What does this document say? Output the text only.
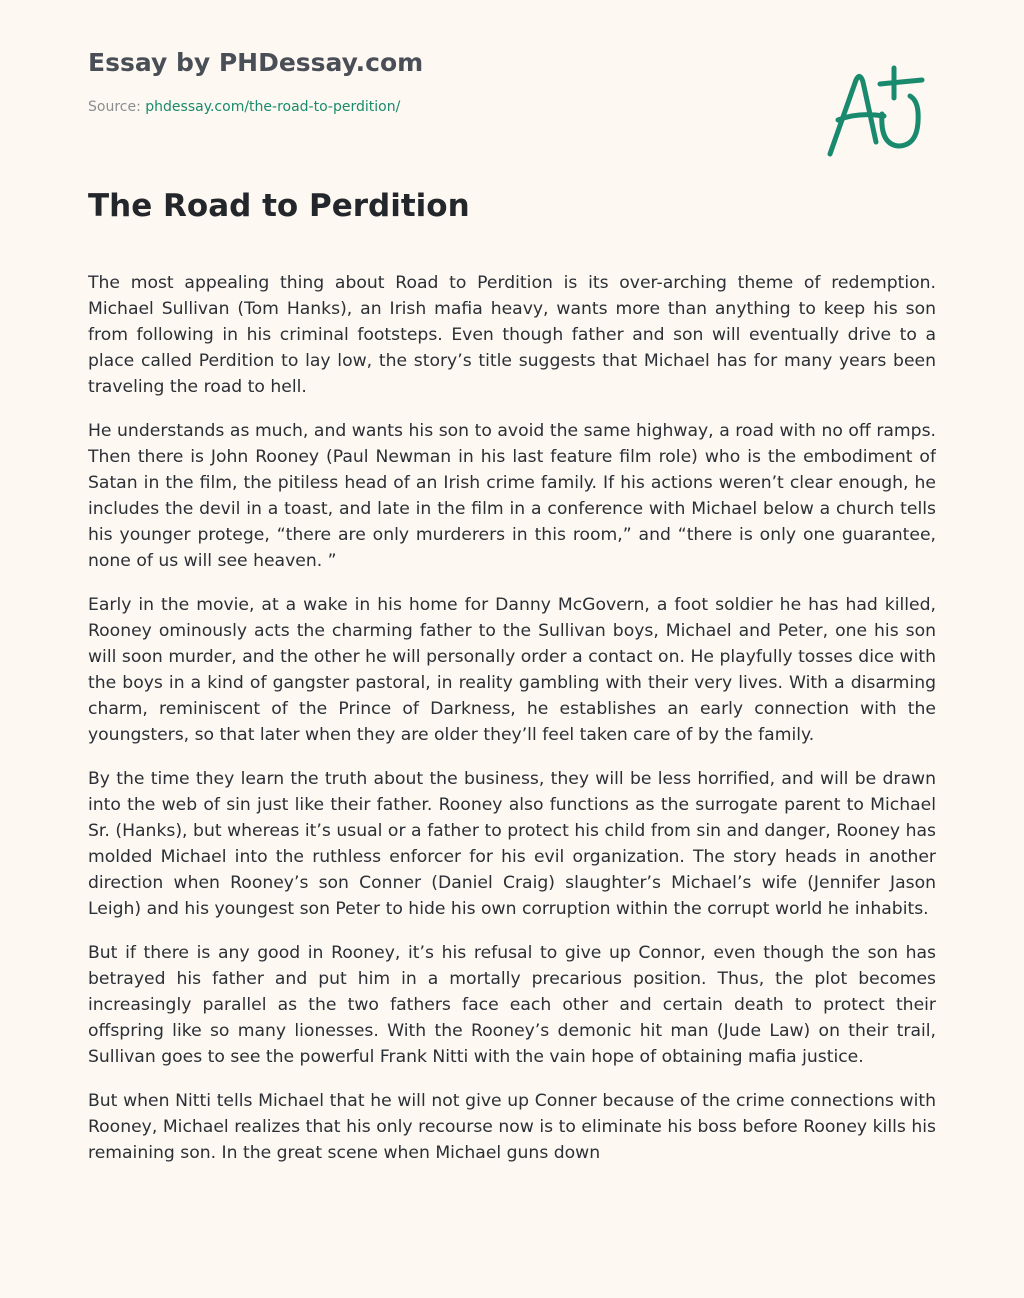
Essay by PHDessay.com
Source: phdessay.com/the-road-to-perdition/
The Road to Perdition

The most appealing thing about Road to Perdition is its over-arching theme of redemption. Michael Sullivan (Tom Hanks), an Irish mafia heavy, wants more than anything to keep his son from following in his criminal footsteps. Even though father and son will eventually drive to a place called Perdition to lay low, the story’s title suggests that Michael has for many years been traveling the road to hell.

He understands as much, and wants his son to avoid the same highway, a road with no off ramps. Then there is John Rooney (Paul Newman in his last feature film role) who is the embodiment of Satan in the film, the pitiless head of an Irish crime family. If his actions weren’t clear enough, he includes the devil in a toast, and late in the film in a conference with Michael below a church tells his younger protege, “there are only murderers in this room,” and “there is only one guarantee, none of us will see heaven. ”

Early in the movie, at a wake in his home for Danny McGovern, a foot soldier he has had killed, Rooney ominously acts the charming father to the Sullivan boys, Michael and Peter, one his son will soon murder, and the other he will personally order a contact on. He playfully tosses dice with the boys in a kind of gangster pastoral, in reality gambling with their very lives. With a disarming charm, reminiscent of the Prince of Darkness, he establishes an early connection with the youngsters, so that later when they are older they’ll feel taken care of by the family.

By the time they learn the truth about the business, they will be less horrified, and will be drawn into the web of sin just like their father. Rooney also functions as the surrogate parent to Michael Sr. (Hanks), but whereas it’s usual or a father to protect his child from sin and danger, Rooney has molded Michael into the ruthless enforcer for his evil organization. The story heads in another direction when Rooney’s son Conner (Daniel Craig) slaughter’s Michael’s wife (Jennifer Jason Leigh) and his youngest son Peter to hide his own corruption within the corrupt world he inhabits.

But if there is any good in Rooney, it’s his refusal to give up Connor, even though the son has betrayed his father and put him in a mortally precarious position. Thus, the plot becomes increasingly parallel as the two fathers face each other and certain death to protect their offspring like so many lionesses. With the Rooney’s demonic hit man (Jude Law) on their trail, Sullivan goes to see the powerful Frank Nitti with the vain hope of obtaining mafia justice.

But when Nitti tells Michael that he will not give up Conner because of the crime connections with Rooney, Michael realizes that his only recourse now is to eliminate his boss before Rooney kills his remaining son. In the great scene when Michael guns down
